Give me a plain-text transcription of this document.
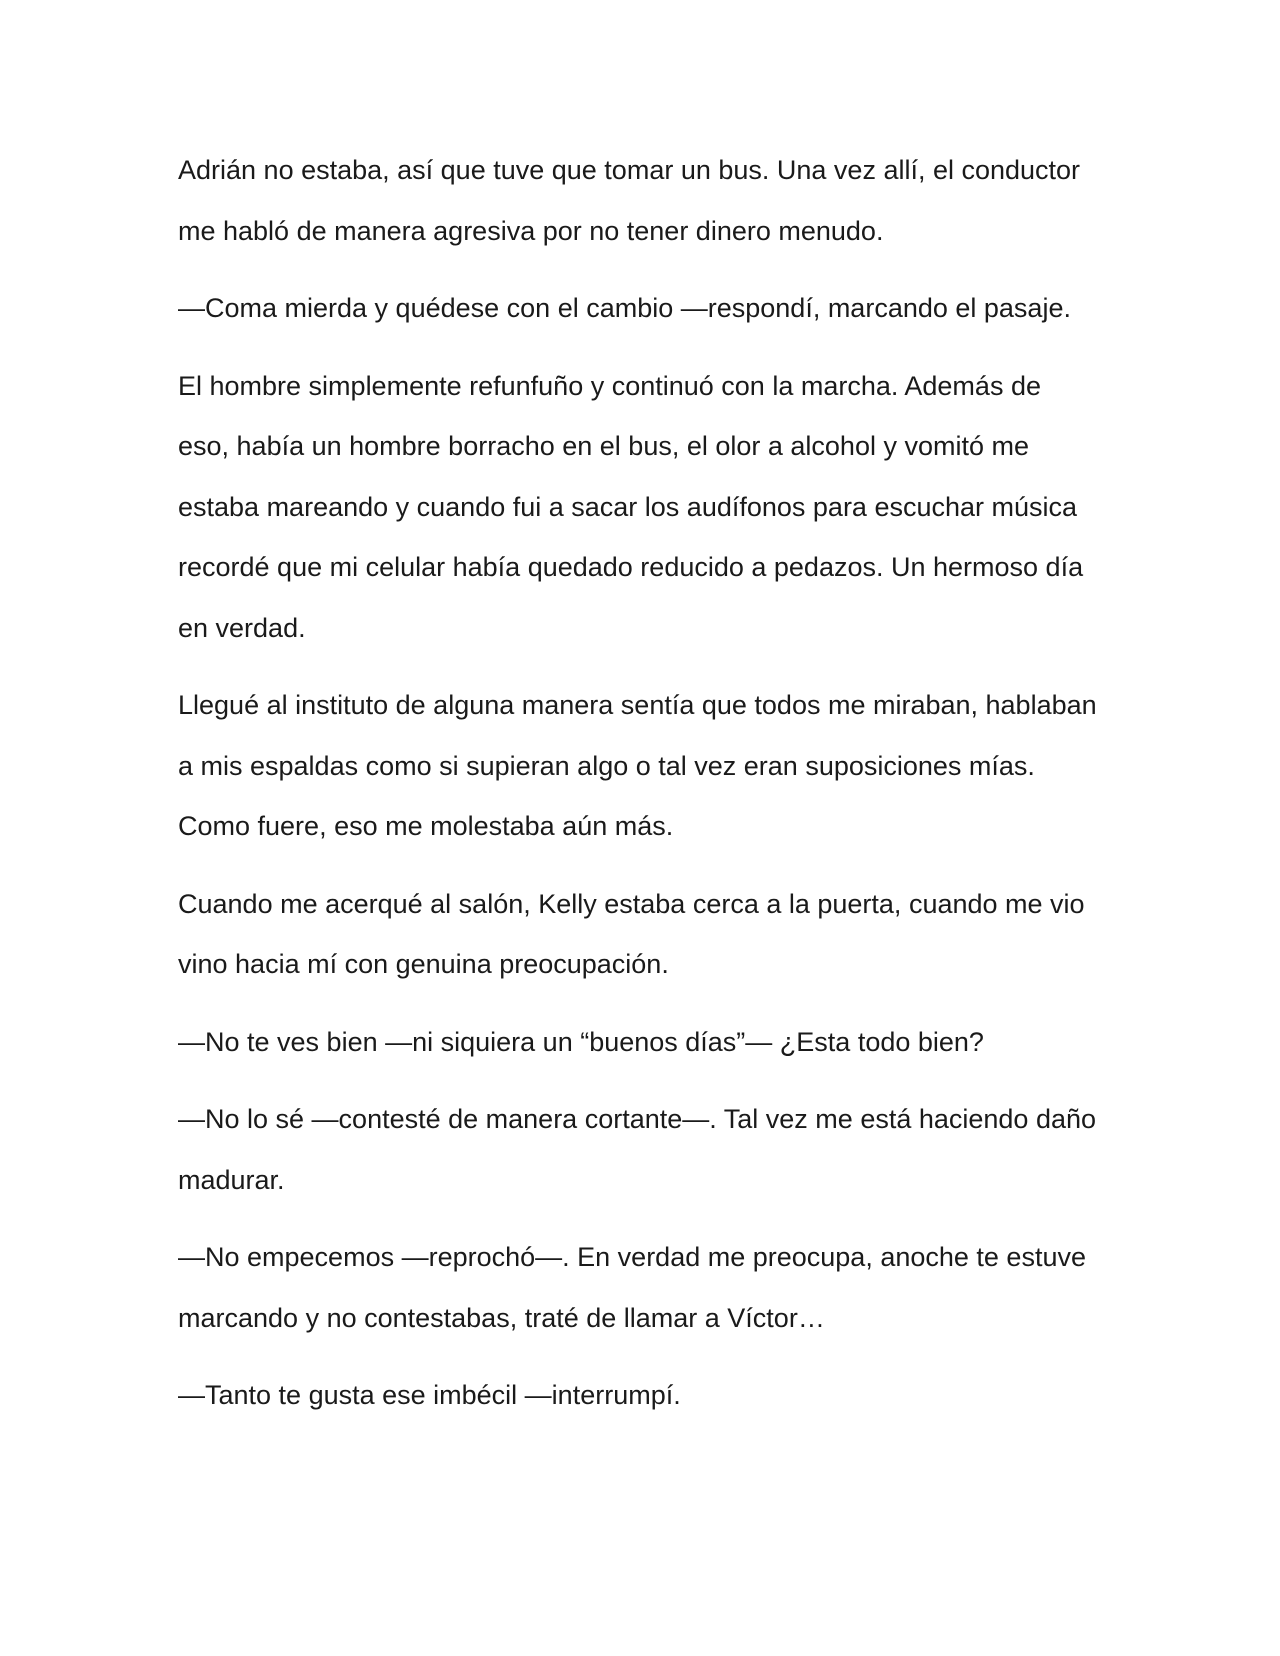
Adrián no estaba, así que tuve que tomar un bus. Una vez allí, el conductor me habló de manera agresiva por no tener dinero menudo.

—Coma mierda y quédese con el cambio —respondí, marcando el pasaje.

El hombre simplemente refunfuño y continuó con la marcha. Además de eso, había un hombre borracho en el bus, el olor a alcohol y vomitó me estaba mareando y cuando fui a sacar los audífonos para escuchar música recordé que mi celular había quedado reducido a pedazos. Un hermoso día en verdad.

Llegué al instituto de alguna manera sentía que todos me miraban, hablaban a mis espaldas como si supieran algo o tal vez eran suposiciones mías. Como fuere, eso me molestaba aún más.

Cuando me acerqué al salón, Kelly estaba cerca a la puerta, cuando me vio vino hacia mí con genuina preocupación.

—No te ves bien —ni siquiera un “buenos días”— ¿Esta todo bien?

—No lo sé —contesté de manera cortante—. Tal vez me está haciendo daño madurar.

—No empecemos —reprochó—. En verdad me preocupa, anoche te estuve marcando y no contestabas, traté de llamar a Víctor…

—Tanto te gusta ese imbécil —interrumpí.
